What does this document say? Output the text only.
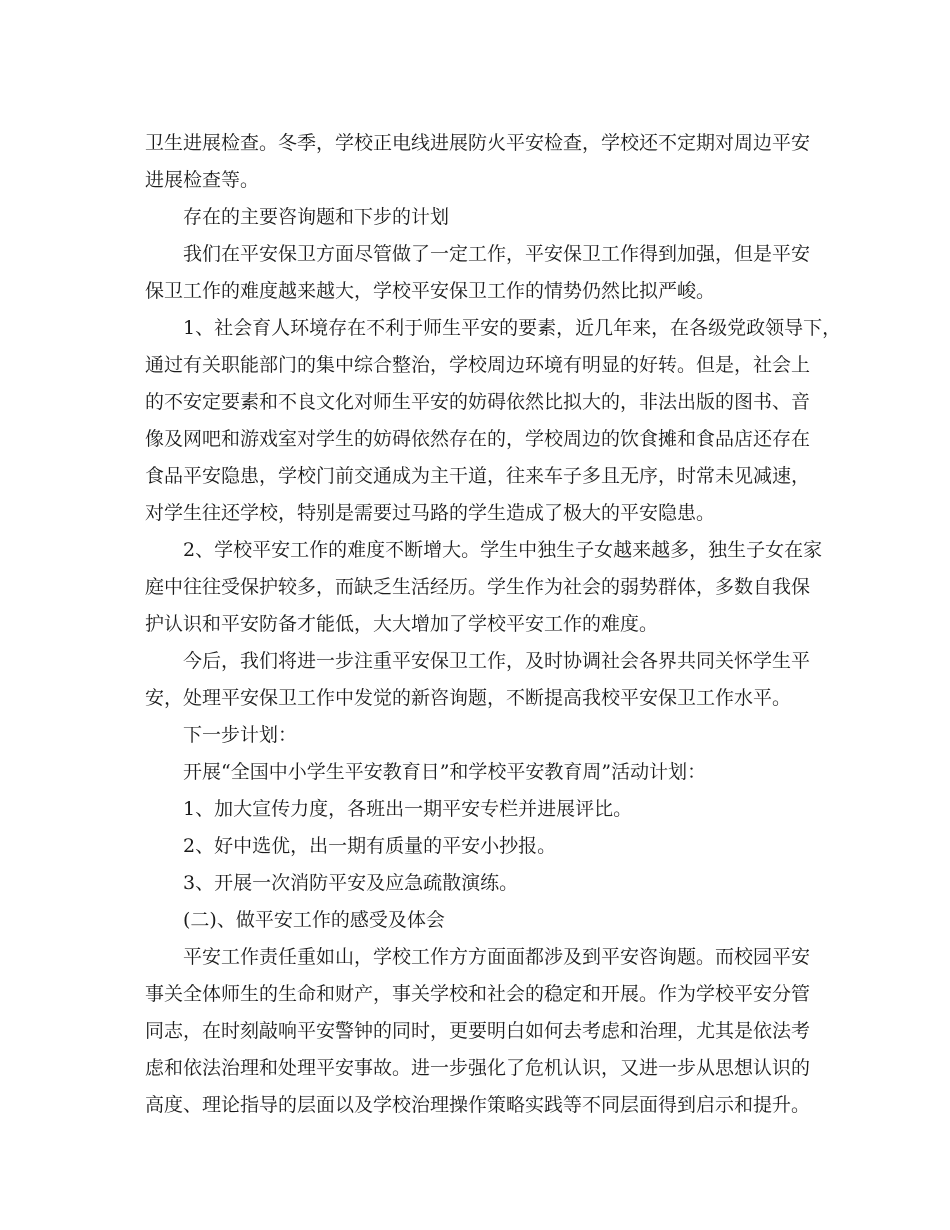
卫生进展检查。冬季，学校正电线进展防火平安检查，学校还不定期对周边平安
进展检查等。
存在的主要咨询题和下步的计划
我们在平安保卫方面尽管做了一定工作，平安保卫工作得到加强，但是平安
保卫工作的难度越来越大，学校平安保卫工作的情势仍然比拟严峻。
1、社会育人环境存在不利于师生平安的要素，近几年来，在各级党政领导下，
通过有关职能部门的集中综合整治，学校周边环境有明显的好转。但是，社会上
的不安定要素和不良文化对师生平安的妨碍依然比拟大的，非法出版的图书、音
像及网吧和游戏室对学生的妨碍依然存在的，学校周边的饮食摊和食品店还存在
食品平安隐患，学校门前交通成为主干道，往来车子多且无序，时常未见减速，
对学生往还学校，特别是需要过马路的学生造成了极大的平安隐患。
2、学校平安工作的难度不断增大。学生中独生子女越来越多，独生子女在家
庭中往往受保护较多，而缺乏生活经历。学生作为社会的弱势群体，多数自我保
护认识和平安防备才能低，大大增加了学校平安工作的难度。
今后，我们将进一步注重平安保卫工作，及时协调社会各界共同关怀学生平
安，处理平安保卫工作中发觉的新咨询题，不断提高我校平安保卫工作水平。
下一步计划：
开展“全国中小学生平安教育日”和学校平安教育周”活动计划：
1、加大宣传力度，各班出一期平安专栏并进展评比。
2、好中选优，出一期有质量的平安小抄报。
3、开展一次消防平安及应急疏散演练。
(二)、做平安工作的感受及体会
平安工作责任重如山，学校工作方方面面都涉及到平安咨询题。而校园平安
事关全体师生的生命和财产，事关学校和社会的稳定和开展。作为学校平安分管
同志，在时刻敲响平安警钟的同时，更要明白如何去考虑和治理，尤其是依法考
虑和依法治理和处理平安事故。进一步强化了危机认识，又进一步从思想认识的
高度、理论指导的层面以及学校治理操作策略实践等不同层面得到启示和提升。
